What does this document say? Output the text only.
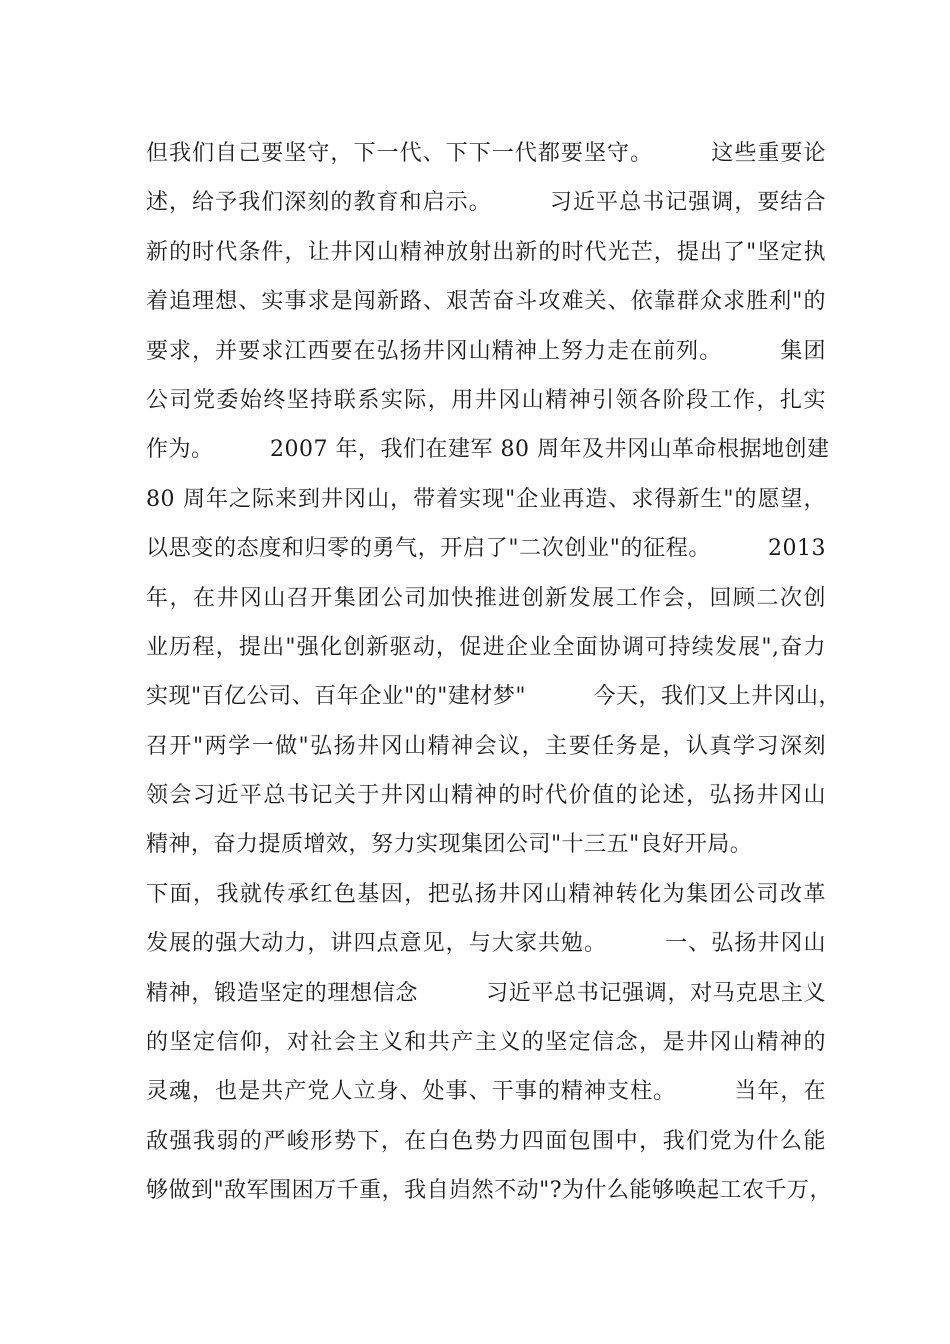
但我们自己要坚守，下一代、下下一代都要坚守。　　　这些重要论
述，给予我们深刻的教育和启示。　　　习近平总书记强调，要结合
新的时代条件，让井冈山精神放射出新的时代光芒，提出了"坚定执
着追理想、实事求是闯新路、艰苦奋斗攻难关、依靠群众求胜利"的
要求，并要求江西要在弘扬井冈山精神上努力走在前列。　　　集团
公司党委始终坚持联系实际，用井冈山精神引领各阶段工作，扎实
作为。　　　2007 年，我们在建军 80 周年及井冈山革命根据地创建
80 周年之际来到井冈山，带着实现"企业再造、求得新生"的愿望，
以思变的态度和归零的勇气，开启了"二次创业"的征程。　　　2013
年，在井冈山召开集团公司加快推进创新发展工作会，回顾二次创
业历程，提出"强化创新驱动，促进企业全面协调可持续发展",奋力
实现"百亿公司、百年企业"的"建材梦"　　　今天，我们又上井冈山，
召开"两学一做"弘扬井冈山精神会议，主要任务是，认真学习深刻
领会习近平总书记关于井冈山精神的时代价值的论述，弘扬井冈山
精神，奋力提质增效，努力实现集团公司"十三五"良好开局。
下面，我就传承红色基因，把弘扬井冈山精神转化为集团公司改革
发展的强大动力，讲四点意见，与大家共勉。　　　一、弘扬井冈山
精神，锻造坚定的理想信念　　　习近平总书记强调，对马克思主义
的坚定信仰，对社会主义和共产主义的坚定信念，是井冈山精神的
灵魂，也是共产党人立身、处事、干事的精神支柱。　　　当年，在
敌强我弱的严峻形势下，在白色势力四面包围中，我们党为什么能
够做到"敌军围困万千重，我自岿然不动"?为什么能够唤起工农千万，
